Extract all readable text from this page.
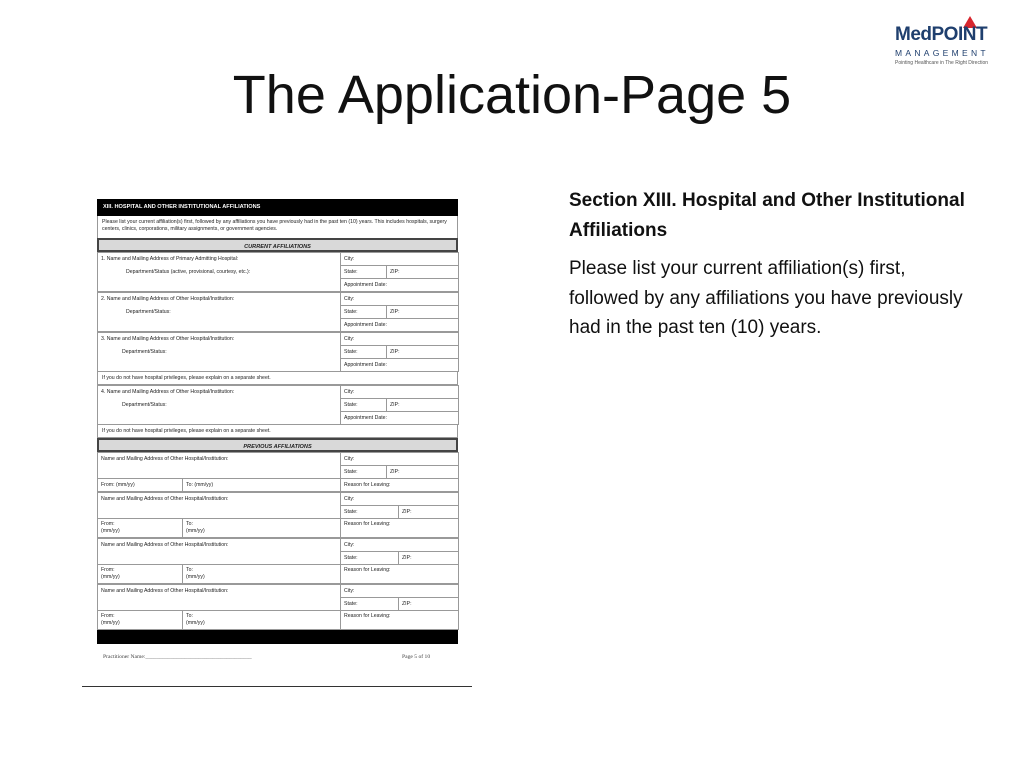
The Application-Page 5
MedPOINT
MANAGEMENT
Pointing Healthcare in The Right Direction
Section XIII. Hospital and Other Institutional Affiliations
Please list your current affiliation(s) first, followed by any affiliations you have previously had in the past ten (10) years.
XIII. HOSPITAL AND OTHER INSTITUTIONAL AFFILIATIONS
Please list your current affiliation(s) first, followed by any affiliations you have previously had in the past ten (10) years. This includes hospitals, surgery centers, clinics, corporations, military assignments, or government agencies.
CURRENT AFFILIATIONS
1. Name and Mailing Address of Primary Admitting Hospital:	City:	
Department/Status (active, provisional, courtesy, etc.):	State:	ZIP:
	Appointment Date:	
2. Name and Mailing Address of Other Hospital/Institution:	City:	
Department/Status:	State:	ZIP:
	Appointment Date:	
3. Name and Mailing Address of Other Hospital/Institution:	City:	
Department/Status:	State:	ZIP:
	Appointment Date:	
If you do not have hospital privileges, please explain on a separate sheet.
4. Name and Mailing Address of Other Hospital/Institution:	City:	
Department/Status:	State:	ZIP:
	Appointment Date:	
If you do not have hospital privileges, please explain on a separate sheet.
PREVIOUS AFFILIATIONS
Name and Mailing Address of Other Hospital/Institution:		City:	
		State:	ZIP:
From: (mm/yy)	To: (mm/yy)	Reason for Leaving:	
Name and Mailing Address of Other Hospital/Institution:		City:	
		State:	ZIP:
From:
(mm/yy)	To:
(mm/yy)	Reason for Leaving:	
Name and Mailing Address of Other Hospital/Institution:		City:	
		State:	ZIP:
From:
(mm/yy)	To:
(mm/yy)	Reason for Leaving:	
Name and Mailing Address of Other Hospital/Institution:		City:	
		State:	ZIP:
From:
(mm/yy)	To:
(mm/yy)	Reason for Leaving:	
Practitioner Name:______________________________________	Page 5 of 10
